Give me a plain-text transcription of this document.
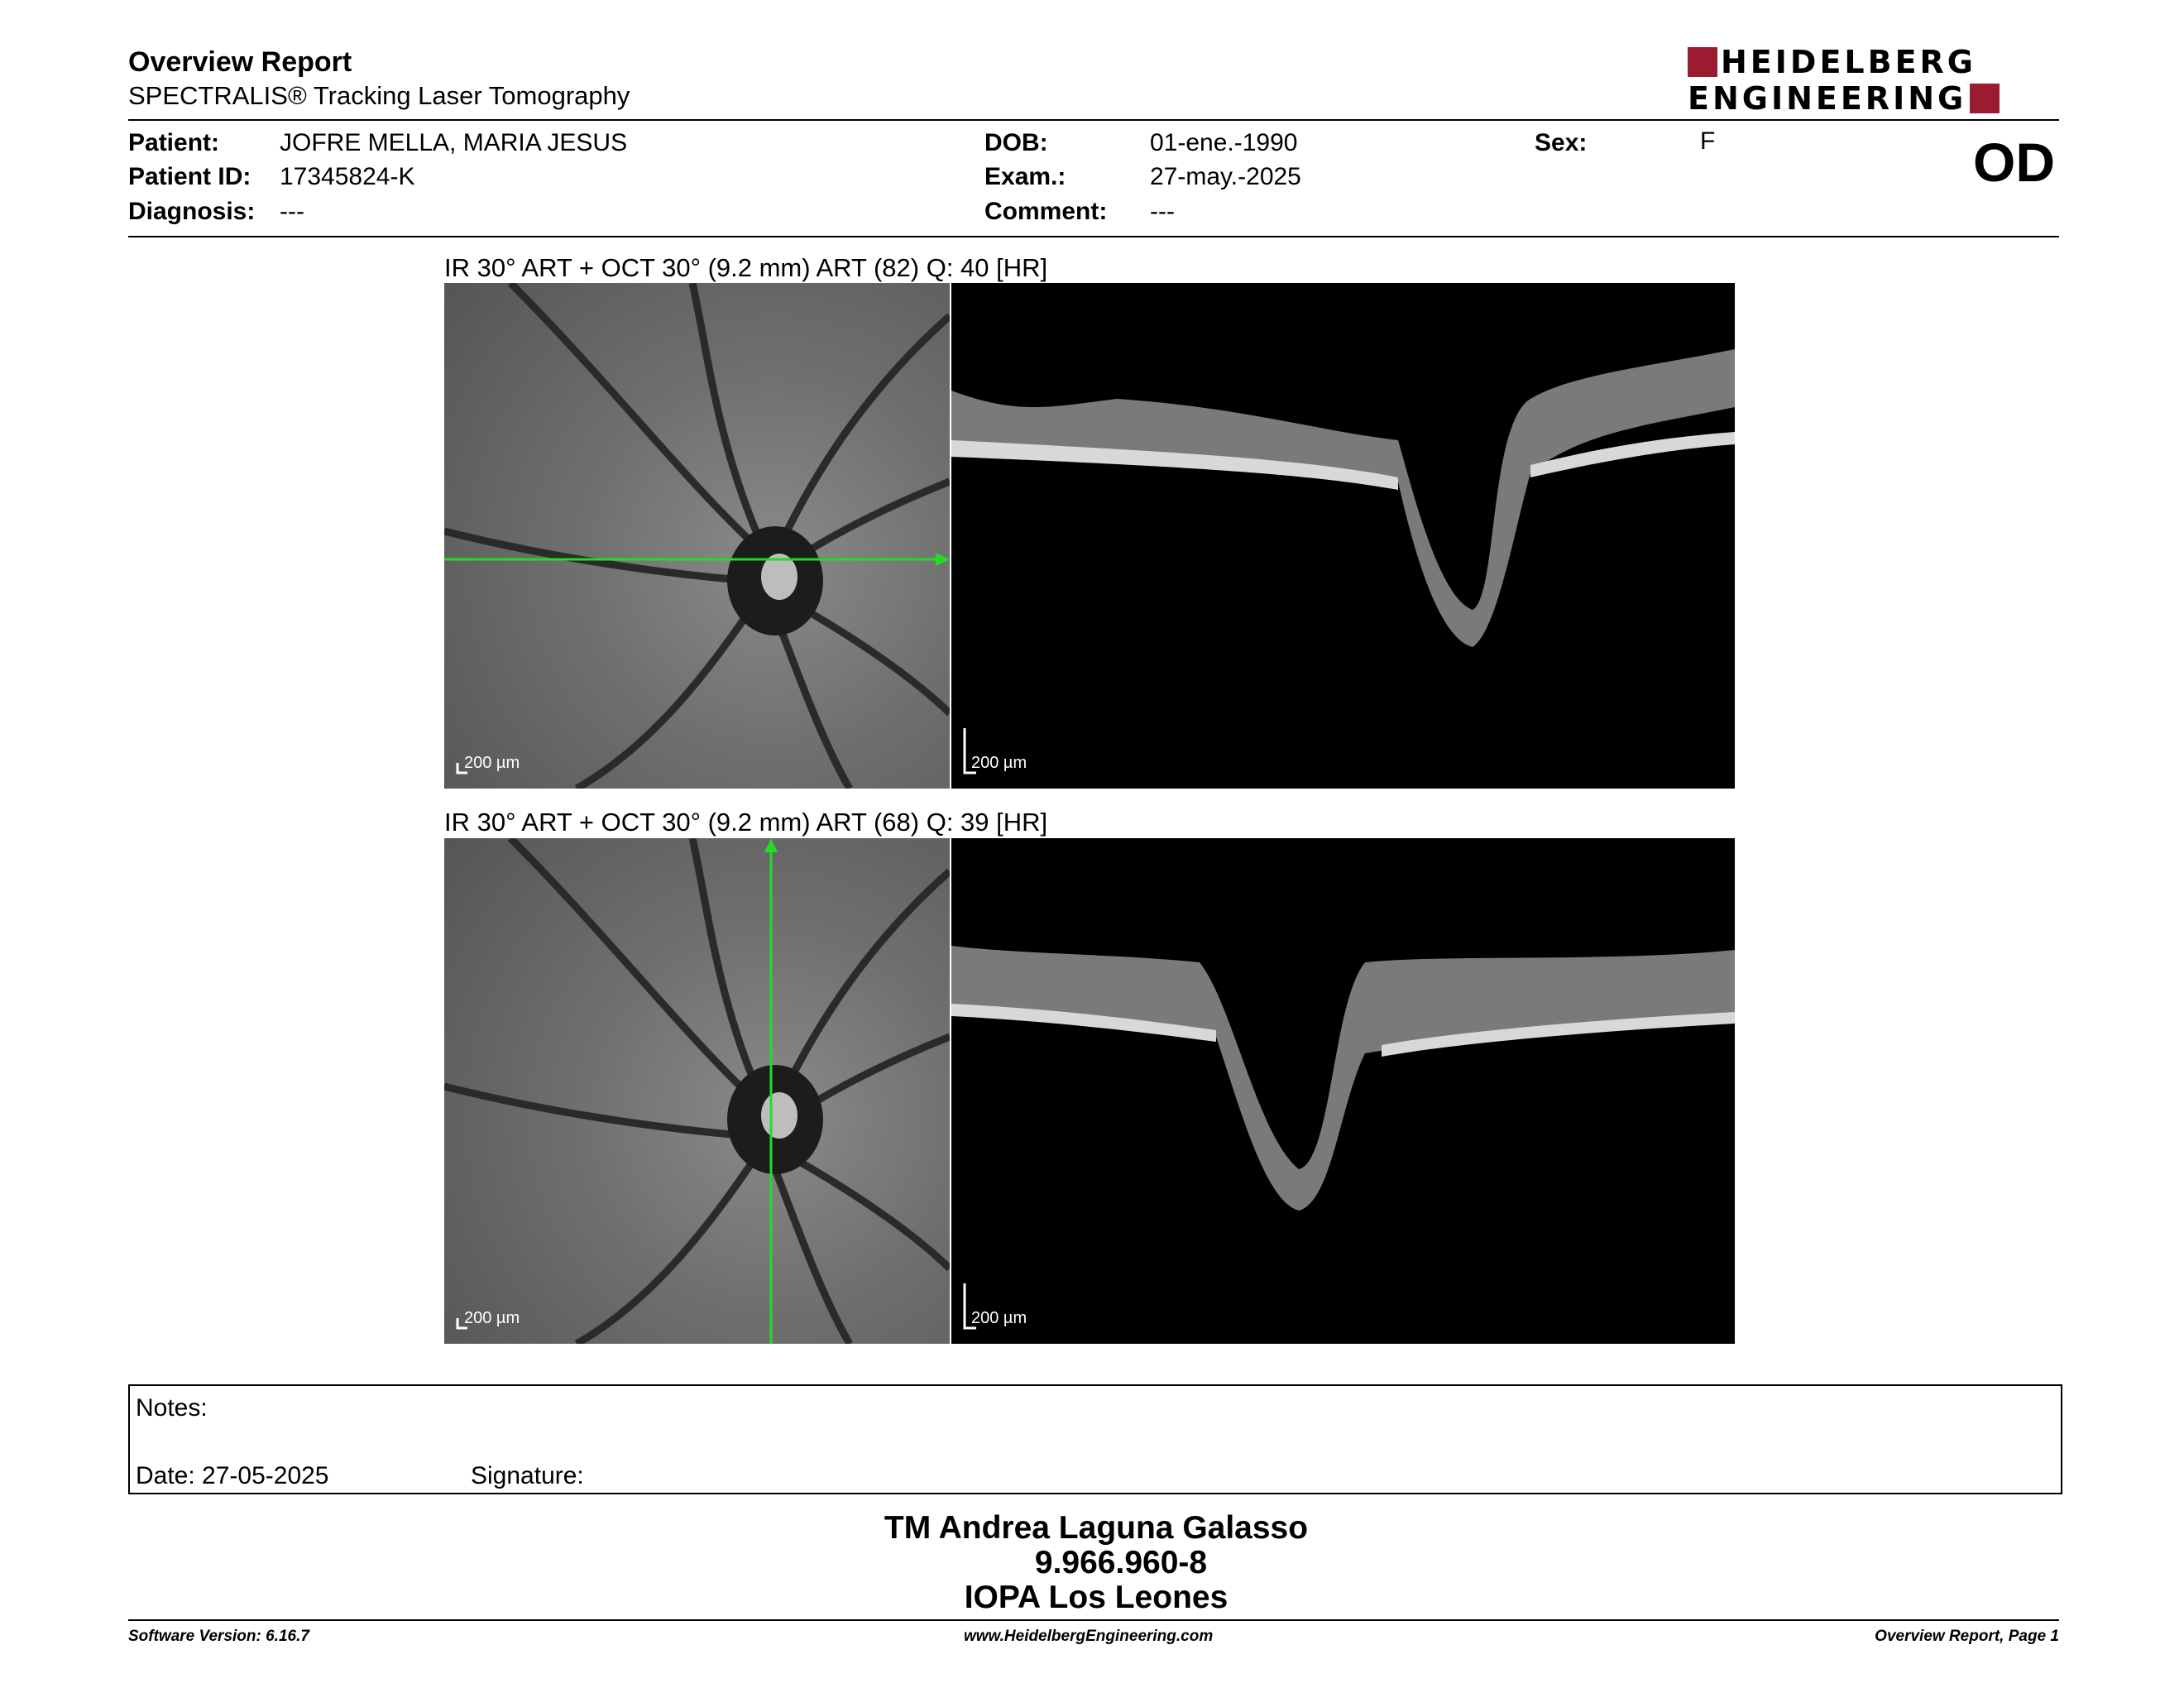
Overview Report
SPECTRALIS® Tracking Laser Tomography
HEIDELBERG
ENGINEERING
OD
Patient: JOFRE MELLA, MARIA JESUS
Patient ID: 17345824-K
Diagnosis: ---
DOB:	01-ene.-1990
Exam.:	27-may.-2025
Comment: ---
Sex:	F
IR 30° ART + OCT 30° (9.2 mm) ART (82) Q: 40 [HR]
200 µm	200 µm
IR 30° ART + OCT 30° (9.2 mm) ART (68) Q: 39 [HR]
200 µm	200 µm
Notes:
Date: 27-05-2025	Signature:
TM Andrea Laguna Galasso
9.966.960-8
IOPA Los Leones
Software Version: 6.16.7	www.HeidelbergEngineering.com	Overview Report, Page 1
